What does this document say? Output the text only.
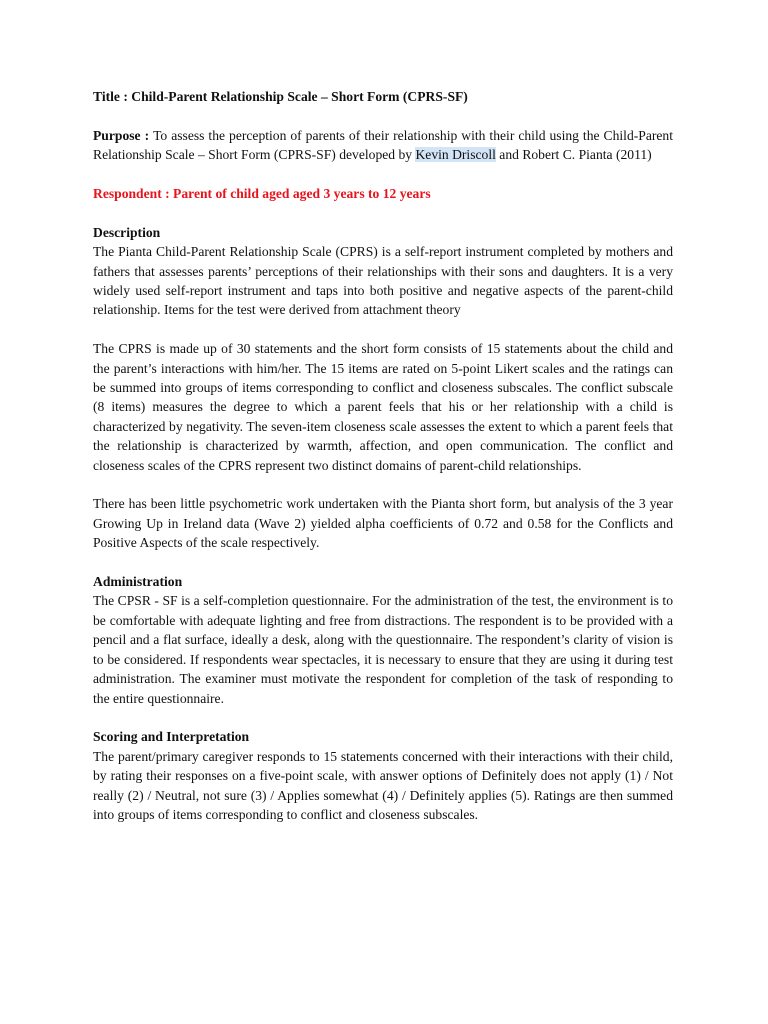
Title : Child-Parent Relationship Scale – Short Form (CPRS-SF)

Purpose : To assess the perception of parents of their relationship with their child using the Child-Parent Relationship Scale – Short Form (CPRS-SF) developed by Kevin Driscoll and Robert C. Pianta (2011)

Respondent : Parent of child aged aged 3 years to 12 years

Description

The Pianta Child-Parent Relationship Scale (CPRS) is a self-report instrument completed by mothers and fathers that assesses parents’ perceptions of their relationships with their sons and daughters. It is a very widely used self-report instrument and taps into both positive and negative aspects of the parent-child relationship. Items for the test were derived from attachment theory

The CPRS is made up of 30 statements and the short form consists of 15 statements about the child and the parent’s interactions with him/her. The 15 items are rated on 5-point Likert scales and the ratings can be summed into groups of items corresponding to conflict and closeness subscales. The conflict subscale (8 items) measures the degree to which a parent feels that his or her relationship with a child is characterized by negativity. The seven-item closeness scale assesses the extent to which a parent feels that the relationship is characterized by warmth, affection, and open communication. The conflict and closeness scales of the CPRS represent two distinct domains of parent-child relationships.

There has been little psychometric work undertaken with the Pianta short form, but analysis of the 3 year Growing Up in Ireland data (Wave 2) yielded alpha coefficients of 0.72 and 0.58 for the Conflicts and Positive Aspects of the scale respectively.

Administration

The CPSR - SF is a self-completion questionnaire. For the administration of the test, the environment is to be comfortable with adequate lighting and free from distractions. The respondent is to be provided with a pencil and a flat surface, ideally a desk, along with the questionnaire. The respondent’s clarity of vision is to be considered. If respondents wear spectacles, it is necessary to ensure that they are using it during test administration. The examiner must motivate the respondent for completion of the task of responding to the entire questionnaire.

Scoring and Interpretation

The parent/primary caregiver responds to 15 statements concerned with their interactions with their child, by rating their responses on a five-point scale, with answer options of Definitely does not apply (1) / Not really (2) / Neutral, not sure (3) / Applies somewhat (4) / Definitely applies (5). Ratings are then summed into groups of items corresponding to conflict and closeness subscales.
